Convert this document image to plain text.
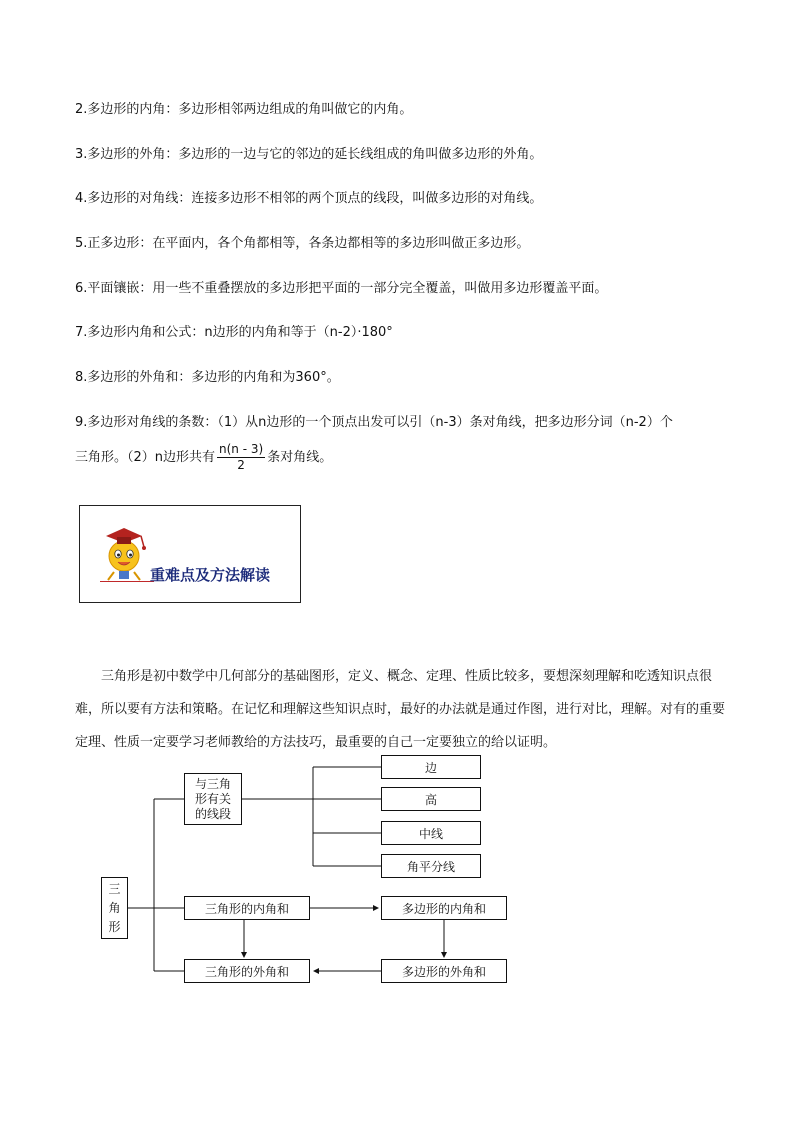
2.多边形的内角：多边形相邻两边组成的角叫做它的内角。
3.多边形的外角：多边形的一边与它的邻边的延长线组成的角叫做多边形的外角。
4.多边形的对角线：连接多边形不相邻的两个顶点的线段，叫做多边形的对角线。
5.正多边形：在平面内，各个角都相等，各条边都相等的多边形叫做正多边形。
6.平面镶嵌：用一些不重叠摆放的多边形把平面的一部分完全覆盖，叫做用多边形覆盖平面。
7.多边形内角和公式：n边形的内角和等于（n-2）·180°
8.多边形的外角和：多边形的内角和为360°。
9.多边形对角线的条数：（1）从n边形的一个顶点出发可以引（n-3）条对角线，把多边形分词（n-2）个
三角形。（2）n边形共有 $\frac{n(n - 3)}{2}$ 条对角线。
重难点及方法解读
三角形是初中数学中几何部分的基础图形，定义、概念、定理、性质比较多，要想深刻理解和吃透知识点很难，所以要有方法和策略。在记忆和理解这些知识点时，最好的办法就是通过作图，进行对比，理解。对有的重要定理、性质一定要学习老师教给的方法技巧，最重要的自己一定要独立的给以证明。
三
角
形
与三角
形有关
的线段
边
高
中线
角平分线
三角形的内角和	多边形的内角和
三角形的外角和	多边形的外角和
